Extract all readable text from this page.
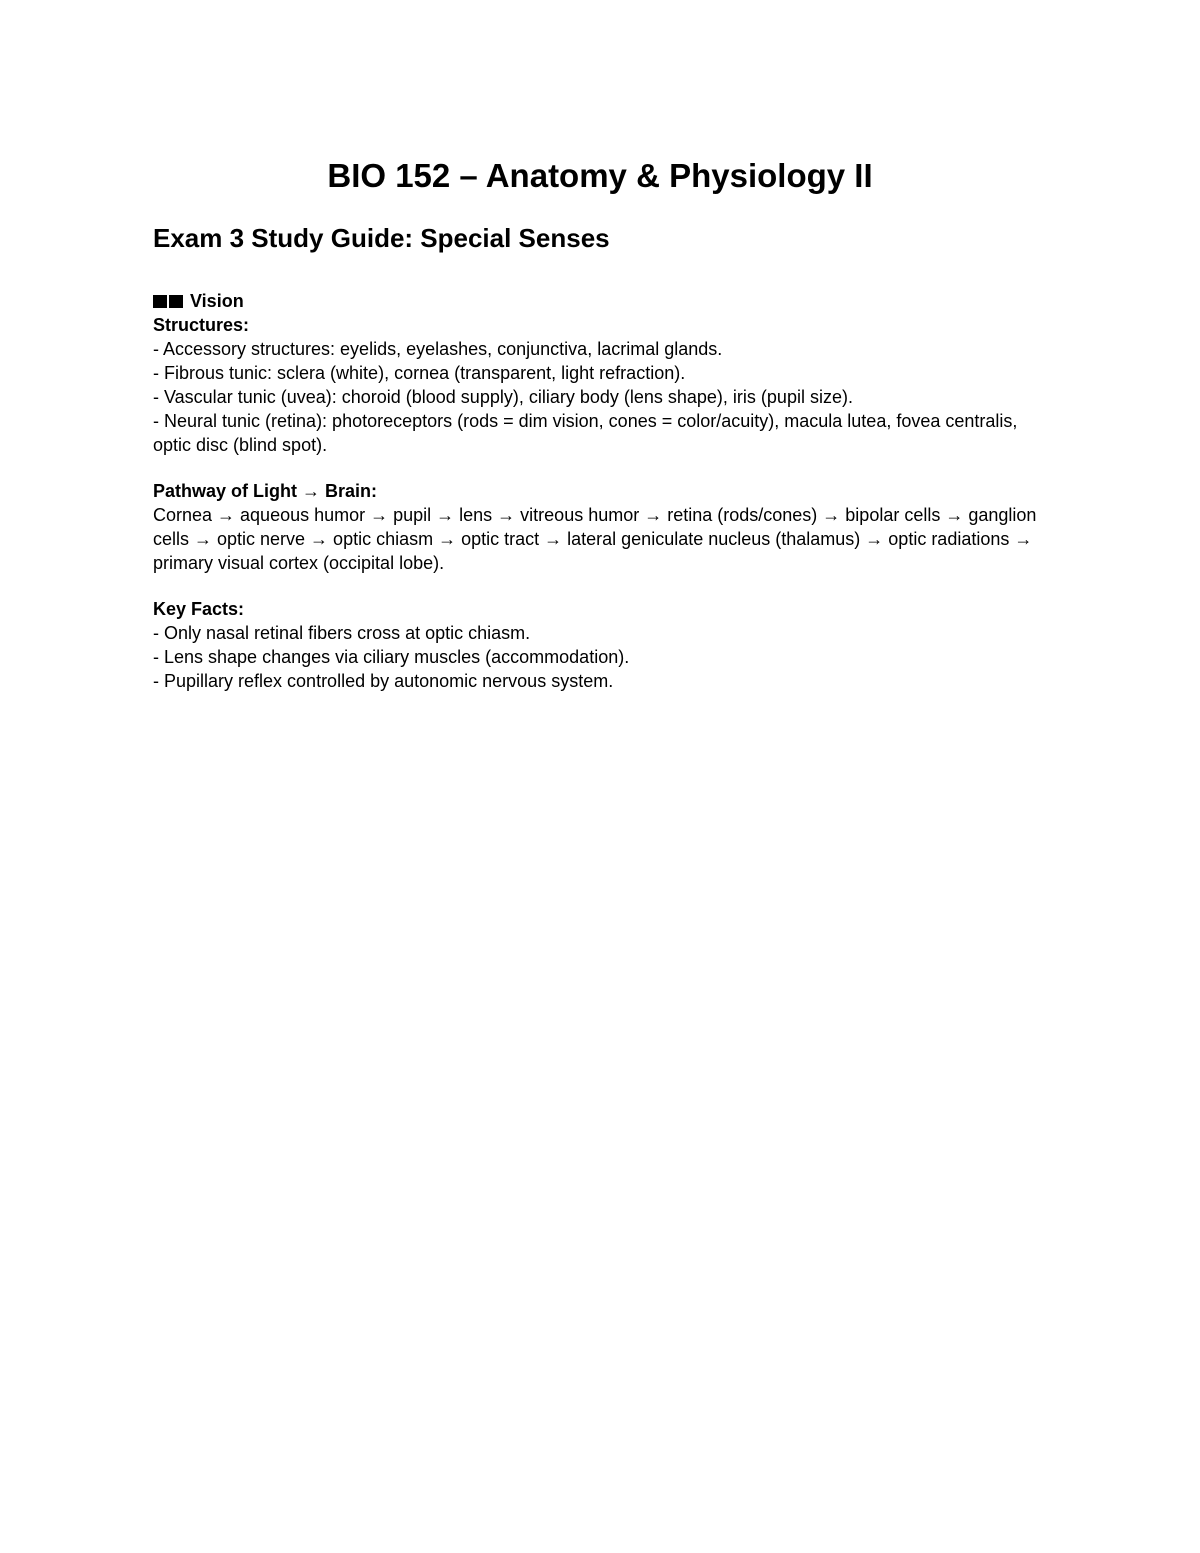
BIO 152 – Anatomy & Physiology II
Exam 3 Study Guide: Special Senses
Vision

Structures:

- Accessory structures: eyelids, eyelashes, conjunctiva, lacrimal glands.

- Fibrous tunic: sclera (white), cornea (transparent, light refraction).

- Vascular tunic (uvea): choroid (blood supply), ciliary body (lens shape), iris (pupil size).

- Neural tunic (retina): photoreceptors (rods = dim vision, cones = color/acuity), macula lutea, fovea centralis, optic disc (blind spot).

Pathway of Light → Brain:

Cornea → aqueous humor → pupil → lens → vitreous humor → retina (rods/cones) → bipolar cells → ganglion cells → optic nerve → optic chiasm → optic tract → lateral geniculate nucleus (thalamus) → optic radiations → primary visual cortex (occipital lobe).

Key Facts:

- Only nasal retinal fibers cross at optic chiasm.

- Lens shape changes via ciliary muscles (accommodation).

- Pupillary reflex controlled by autonomic nervous system.
